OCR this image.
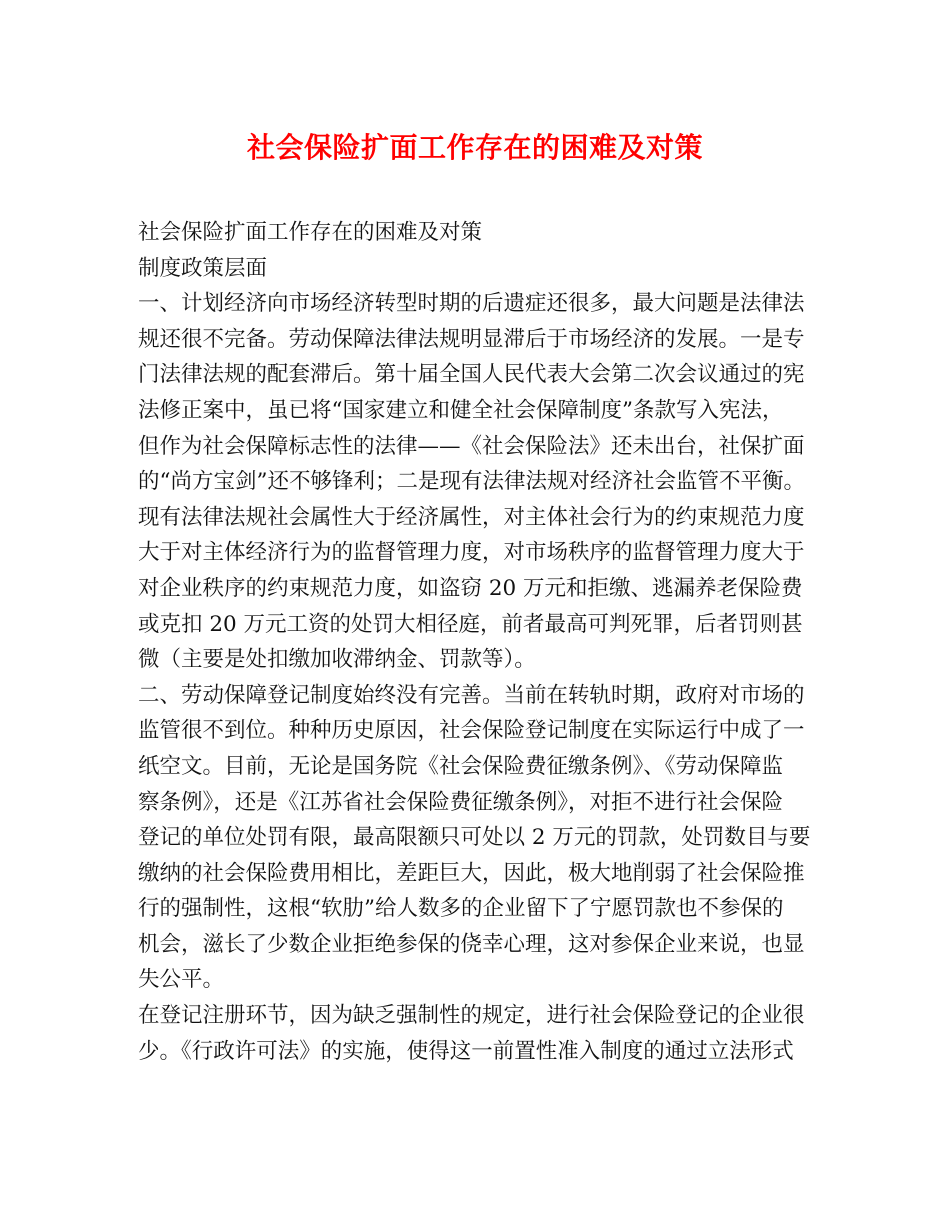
社会保险扩面工作存在的困难及对策
社会保险扩面工作存在的困难及对策
制度政策层面
一、计划经济向市场经济转型时期的后遗症还很多，最大问题是法律法
规还很不完备。劳动保障法律法规明显滞后于市场经济的发展。一是专
门法律法规的配套滞后。第十届全国人民代表大会第二次会议通过的宪
法修正案中，虽已将“国家建立和健全社会保障制度”条款写入宪法，
但作为社会保障标志性的法律——《社会保险法》还未出台，社保扩面
的“尚方宝剑”还不够锋利；二是现有法律法规对经济社会监管不平衡。
现有法律法规社会属性大于经济属性，对主体社会行为的约束规范力度
大于对主体经济行为的监督管理力度，对市场秩序的监督管理力度大于
对企业秩序的约束规范力度，如盗窃 20 万元和拒缴、逃漏养老保险费
或克扣 20 万元工资的处罚大相径庭，前者最高可判死罪，后者罚则甚
微（主要是处扣缴加收滞纳金、罚款等）。
二、劳动保障登记制度始终没有完善。当前在转轨时期，政府对市场的
监管很不到位。种种历史原因，社会保险登记制度在实际运行中成了一
纸空文。目前，无论是国务院《社会保险费征缴条例》、《劳动保障监
察条例》，还是《江苏省社会保险费征缴条例》，对拒不进行社会保险
登记的单位处罚有限，最高限额只可处以 2 万元的罚款，处罚数目与要
缴纳的社会保险费用相比，差距巨大，因此，极大地削弱了社会保险推
行的强制性，这根“软肋”给人数多的企业留下了宁愿罚款也不参保的
机会，滋长了少数企业拒绝参保的侥幸心理，这对参保企业来说，也显
失公平。
在登记注册环节，因为缺乏强制性的规定，进行社会保险登记的企业很
少。《行政许可法》的实施，使得这一前置性准入制度的通过立法形式
